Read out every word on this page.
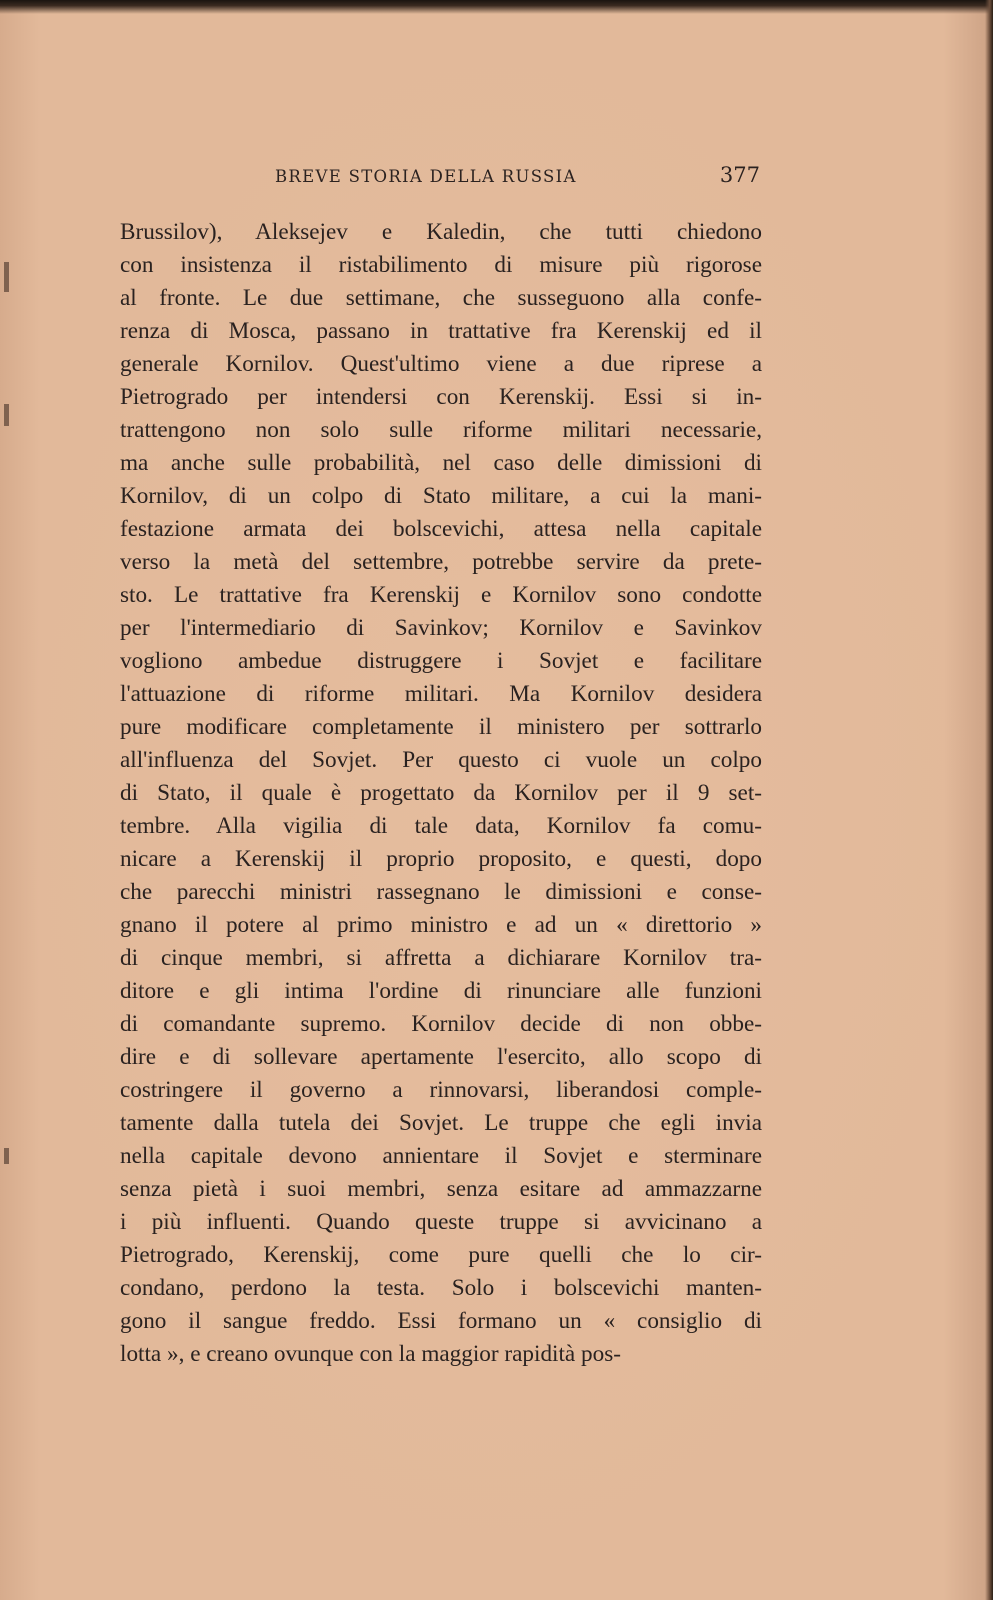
BREVE STORIA DELLA RUSSIA	377
Brussilov), Aleksejev e Kaledin, che tutti chiedono
con insistenza il ristabilimento di misure più rigorose
al fronte. Le due settimane, che susseguono alla confe-
renza di Mosca, passano in trattative fra Kerenskij ed il
generale Kornilov. Quest'ultimo viene a due riprese a
Pietrogrado per intendersi con Kerenskij. Essi si in-
trattengono non solo sulle riforme militari necessarie,
ma anche sulle probabilità, nel caso delle dimissioni di
Kornilov, di un colpo di Stato militare, a cui la mani-
festazione armata dei bolscevichi, attesa nella capitale
verso la metà del settembre, potrebbe servire da prete-
sto. Le trattative fra Kerenskij e Kornilov sono condotte
per l'intermediario di Savinkov; Kornilov e Savinkov
vogliono ambedue distruggere i Sovjet e facilitare
l'attuazione di riforme militari. Ma Kornilov desidera
pure modificare completamente il ministero per sottrarlo
all'influenza del Sovjet. Per questo ci vuole un colpo
di Stato, il quale è progettato da Kornilov per il 9 set-
tembre. Alla vigilia di tale data, Kornilov fa comu-
nicare a Kerenskij il proprio proposito, e questi, dopo
che parecchi ministri rassegnano le dimissioni e conse-
gnano il potere al primo ministro e ad un « direttorio »
di cinque membri, si affretta a dichiarare Kornilov tra-
ditore e gli intima l'ordine di rinunciare alle funzioni
di comandante supremo. Kornilov decide di non obbe-
dire e di sollevare apertamente l'esercito, allo scopo di
costringere il governo a rinnovarsi, liberandosi comple-
tamente dalla tutela dei Sovjet. Le truppe che egli invia
nella capitale devono annientare il Sovjet e sterminare
senza pietà i suoi membri, senza esitare ad ammazzarne
i più influenti. Quando queste truppe si avvicinano a
Pietrogrado, Kerenskij, come pure quelli che lo cir-
condano, perdono la testa. Solo i bolscevichi manten-
gono il sangue freddo. Essi formano un « consiglio di
lotta », e creano ovunque con la maggior rapidità pos-
